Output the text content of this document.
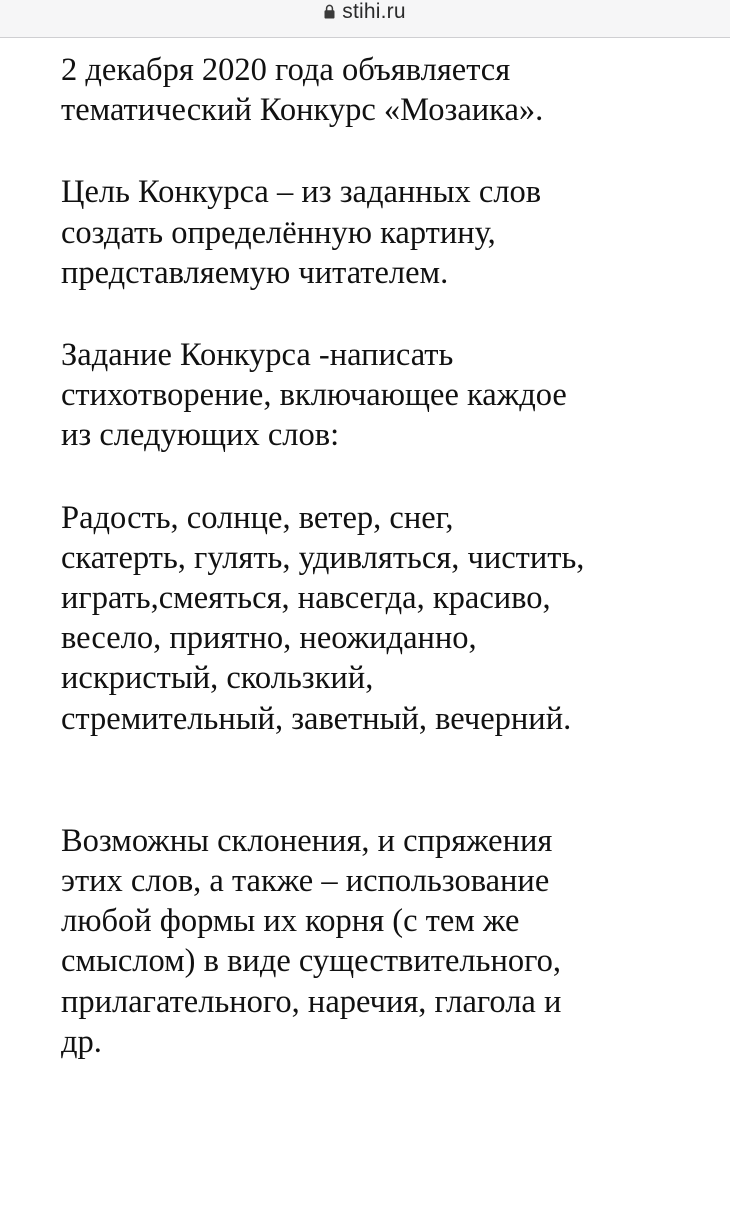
stihi.ru

2 декабря 2020 года объявляется
тематический Конкурс «Мозаика».

Цель Конкурса – из заданных слов
создать определённую картину,
представляемую читателем.

Задание Конкурса -написать
стихотворение, включающее каждое
из следующих слов:

Радость, солнце, ветер, снег,
скатерть, гулять, удивляться, чистить,
играть,смеяться, навсегда, красиво,
весело, приятно, неожиданно,
искристый, скользкий,
стремительный, заветный, вечерний.

Возможны склонения, и спряжения
этих слов, а также – использование
любой формы их корня (с тем же
смыслом) в виде существительного,
прилагательного, наречия, глагола и
др.
